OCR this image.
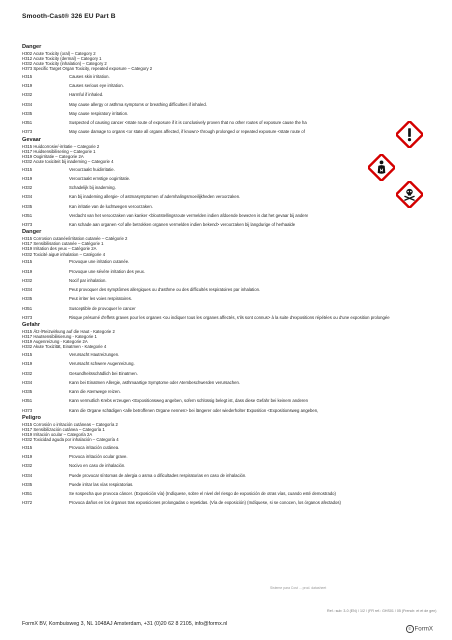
Smooth-Cast® 326 EU Part B
Danger
H302 Acute Toxicity (oral) – Category 2
H312 Acute Toxicity (dermal) – Category 1
H332 Acute Toxicity (inhalation) – Category 2
H373 Specific Target Organ Toxicity, repeated exposure – Category 2
H315	Causes skin irritation.
H319	Causes serious eye irritation.
H332	Harmful if inhaled.
H334	May cause allergy or asthma symptoms or breathing difficulties if inhaled.
H335	May cause respiratory irritation.
H351	Suspected of causing cancer <state route of exposure if it is conclusively proven that no other routes of exposure cause the ha
H373	May cause damage to organs <or state all organs affected, if known> through prolonged or repeated exposure <state route of
Gevaar
H315 Huidcorrosie/-irritatie – Categorie 2
H317 Huidsensibilisering – Categorie 1
H319 Oogirritatie – Categorie 2A
H332 Acute toxiciteit bij inademing – Categorie 4
H315	Veroorzaakt huidirritatie.
H319	Veroorzaakt ernstige oogirritatie.
H332	Schadelijk bij inademing.
H334	Kan bij inademing allergie- of astmasymptomen of ademhalingsmoeilijkheden veroorzaken.
H335	Kan irritatie van de luchtwegen veroorzaken.
H351	Verdacht van het veroorzaken van kanker <blootstellingsroute vermelden indien afdoende bewezen is dat het gevaar bij andere
H373	Kan schade aan organen <of alle betrokken organen vermelden indien bekend> veroorzaken bij langdurige of herhaalde
Danger
H315 Corrosion cutanée/irritation cutanée – Catégorie 2
H317 Sensibilisation cutanée – Catégorie 1
H319 Irritation des yeux – Catégorie 2A
H332 Toxicité aiguë inhalation – Catégorie 4
H315	Provoque une irritation cutanée.
H319	Provoque une sévère irritation des yeux.
H332	Nocif par inhalation.
H334	Peut provoquer des symptômes allergiques ou d'asthme ou des difficultés respiratoires par inhalation.
H335	Peut irriter les voies respiratoires.
H351	Susceptible de provoquer le cancer
H373	Risque présumé d'effets graves pour les organes <ou indiquer tous les organes affectés, s'ils sont connus> à la suite d'expositions répétées ou d'une exposition prolongée
Gefahr
H315 Ätz-/Reizwirkung auf die Haut - Kategorie 2
H317 Hautsensibilisierung - Kategorie 1
H319 Augenreizung - Kategorie 2A
H332 Akute Toxizität, Einatmen - Kategorie 4
H315	Verursacht Hautreizungen.
H319	Verursacht schwere Augenreizung.
H332	Gesundheitsschädlich bei Einatmen.
H334	Kann bei Einatmen Allergie, asthmaartige Symptome oder Atembeschwerden verursachen.
H335	Kann die Atemwege reizen.
H351	Kann vermutlich Krebs erzeugen <Expositionsweg angeben, sofern schlüssig belegt ist, dass diese Gefahr bei keinem anderen
H373	Kann die Organe schädigen <alle betroffenen Organe nennen> bei längerer oder wiederholter Exposition <Expositionsweg angeben,
Peligro
H315 Corrosión o irritación cutáneas – Categoría 2
H317 Sensibilización cutánea – Categoría 1
H319 Irritación ocular – Categoría 2A
H332 Toxicidad aguda por inhalación – Categoría 4
H315	Provoca irritación cutánea.
H319	Provoca irritación ocular grave.
H332	Nocivo en caso de inhalación.
H334	Puede provocar síntomas de alergia o asma o dificultades respiratorias en caso de inhalación.
H335	Puede irritar las vías respiratorias.
H351	Se sospecha que provoca cáncer. (Exposición vía) (Indíquese, sobre el nivel del riesgo de exposición de otras vías, cuando esté demostrado)
H372	Provoca daños en los órganos tras exposiciones prolongadas o repetidas. (Vía de exposición) (Indíquese, si se conocen, los órganos afectados)
Sisteme para Cost ... prod. datasheet
Ref.: sub: 3-0 (EN) / 1/2 / (FR ref.: GHS01 / 05 (French: et et de gen)
FormX BV, Kombuisweg 3, NL 1048AJ Amsterdam, +31 (0)20 62 8 2105, info@formx.nl
© FormX
